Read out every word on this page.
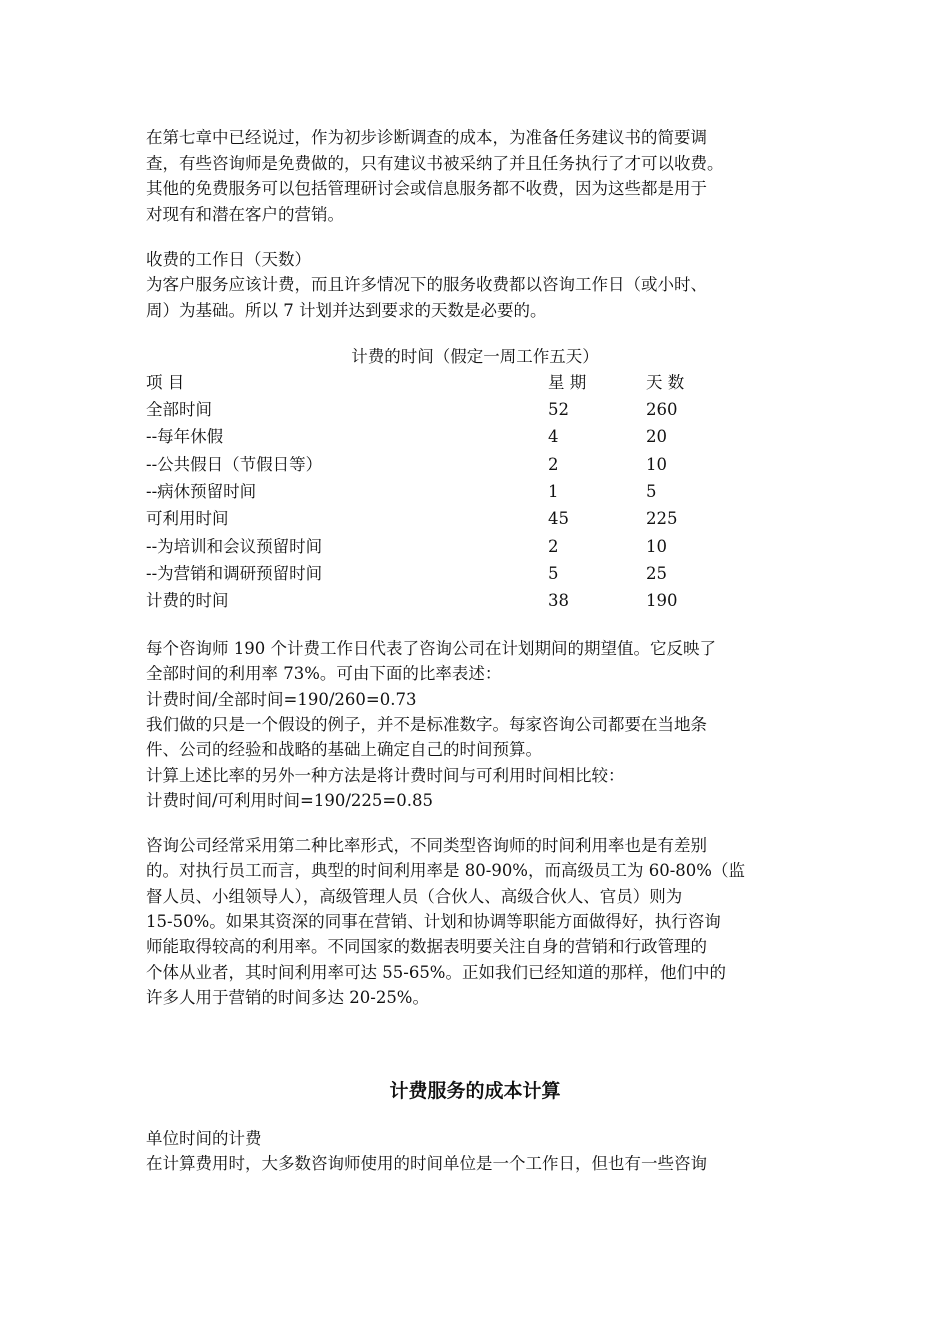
在第七章中已经说过，作为初步诊断调查的成本，为准备任务建议书的简要调
查，有些咨询师是免费做的，只有建议书被采纳了并且任务执行了才可以收费。
其他的免费服务可以包括管理研讨会或信息服务都不收费，因为这些都是用于
对现有和潜在客户的营销。
收费的工作日（天数）
为客户服务应该计费，而且许多情况下的服务收费都以咨询工作日（或小时、
周）为基础。所以 7 计划并达到要求的天数是必要的。
计费的时间（假定一周工作五天）
项 目	星 期	天 数
全部时间	52	260
--每年休假	4	20
--公共假日（节假日等）	2	10
--病休预留时间	1	5
可利用时间	45	225
--为培训和会议预留时间	2	10
--为营销和调研预留时间	5	25
计费的时间	38	190
每个咨询师 190 个计费工作日代表了咨询公司在计划期间的期望值。它反映了
全部时间的利用率 73%。可由下面的比率表述：
计费时间/全部时间=190/260=0.73
我们做的只是一个假设的例子，并不是标准数字。每家咨询公司都要在当地条
件、公司的经验和战略的基础上确定自己的时间预算。
计算上述比率的另外一种方法是将计费时间与可利用时间相比较：
计费时间/可利用时间=190/225=0.85
咨询公司经常采用第二种比率形式，不同类型咨询师的时间利用率也是有差别
的。对执行员工而言，典型的时间利用率是 80-90%，而高级员工为 60-80%（监
督人员、小组领导人），高级管理人员（合伙人、高级合伙人、官员）则为
15-50%。如果其资深的同事在营销、计划和协调等职能方面做得好，执行咨询
师能取得较高的利用率。不同国家的数据表明要关注自身的营销和行政管理的
个体从业者，其时间利用率可达 55-65%。正如我们已经知道的那样，他们中的
许多人用于营销的时间多达 20-25%。
计费服务的成本计算
单位时间的计费
在计算费用时，大多数咨询师使用的时间单位是一个工作日，但也有一些咨询
